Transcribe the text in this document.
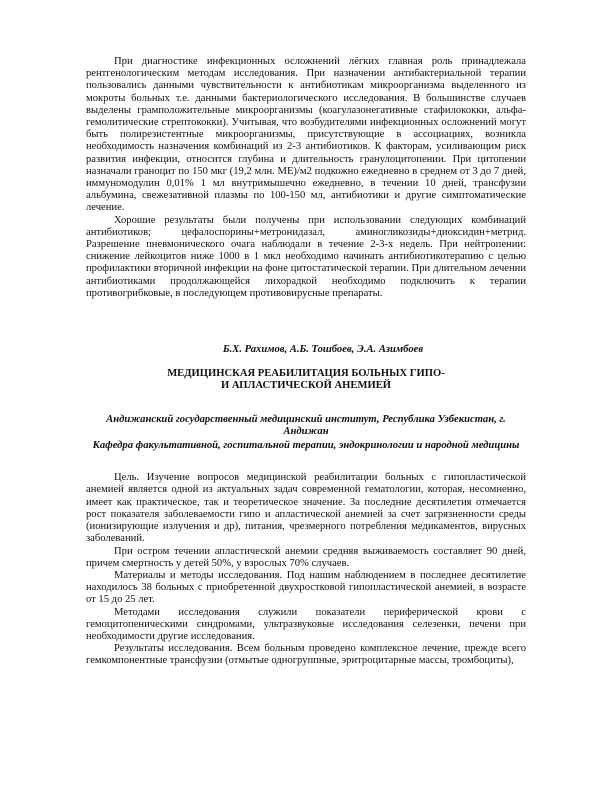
При диагностике инфекционных осложнений лёгких главная роль принадлежала рентгенологическим методам исследования. При назначении антибактериальной терапии пользовались данными чувствительности к антибиотикам микроорганизма выделенного из мокроты больных т.е. данными бактериологического исследования. В большинстве случаев выделены грамположительные микроорганизмы (коагулазонегативные стафилококки, альфа-гемолитические стрептококки). Учитывая, что возбудителями инфекционных осложнений могут быть полирезистентные микроорганизмы, присутствующие в ассоциациях, возникла необходимость назначения комбинаций из 2-3 антибиотиков. К факторам, усиливающим риск развития инфекции, относится глубина и длительность гранулоцитопении. При цитопении назначали граноцит по 150 мкг (19,2 млн. МЕ)/м2 подкожно ежедневно в среднем от 3 до 7 дней, иммуномодулин 0,01% 1 мл внутримышечно ежедневно, в течении 10 дней, трансфузии альбумина, свежезативной плазмы по 100-150 мл, антибиотики и другие симптоматические лечение.

Хорошие результаты были получены при использовании следующих комбинаций антибиотиков; цефалоспорины+метронидазал, аминогликозиды+диоксидин+метрид. Разрешение пневмонического очага наблюдали в течение 2-3-х недель. При нейтропении: снижение лейкоцитов ниже 1000 в 1 мкл необходимо начинать антибиотикотерапию с целью профилактики вторичной инфекции на фоне цитостатической терапии. При длительном лечении антибиотиками продолжающейся лихорадкой необходимо подключить к терапии противогрибковые, в последующем противовирусные препараты.

Б.Х. Рахимов, А.Б. Тошбоев, Э.А. Азимбоев
МЕДИЦИНСКАЯ РЕАБИЛИТАЦИЯ БОЛЬНЫХ ГИПО-
И АПЛАСТИЧЕСКОЙ АНЕМИЕЙ
Андижанский государственный медицинский институт, Республика Узбекистан, г. Андижан
Кафедра факультативной, госпитальной терапии, эндокринологии и народной медицины

Цель. Изучение вопросов медицинской реабилитации больных с гипопластической анемией является одной из актуальных задач современной гематологии, которая, несомненно, имеет как практическое, так и теоретическое значение. За последние десятилетия отмечается рост показателя заболеваемости гипо и апластической анемией за счет загрязненности среды (ионизирующие излучения и др), питания, чрезмерного потребления медикаментов, вирусных заболеваний.

При остром течении апластической анемии средняя выживаемость составляет 90 дней, причем смертность у детей 50%, у взрослых 70% случаев.

Материалы и методы исследования. Под нашим наблюдением в последнее десятилетие находилось 38 больных с приобретенной двухростковой гипопластической анемией, в возрасте от 15 до 25 лет.

Методами исследования служили показатели периферической крови с гемоцитопеническими синдромами, ультразвуковые исследования селезенки, печени при необходимости другие исследования.

Результаты исследования. Всем больным проведено комплексное лечение, прежде всего гемкомпонентные трансфузии (отмытые одногруппные, эритроцитарные массы, тромбоциты),
